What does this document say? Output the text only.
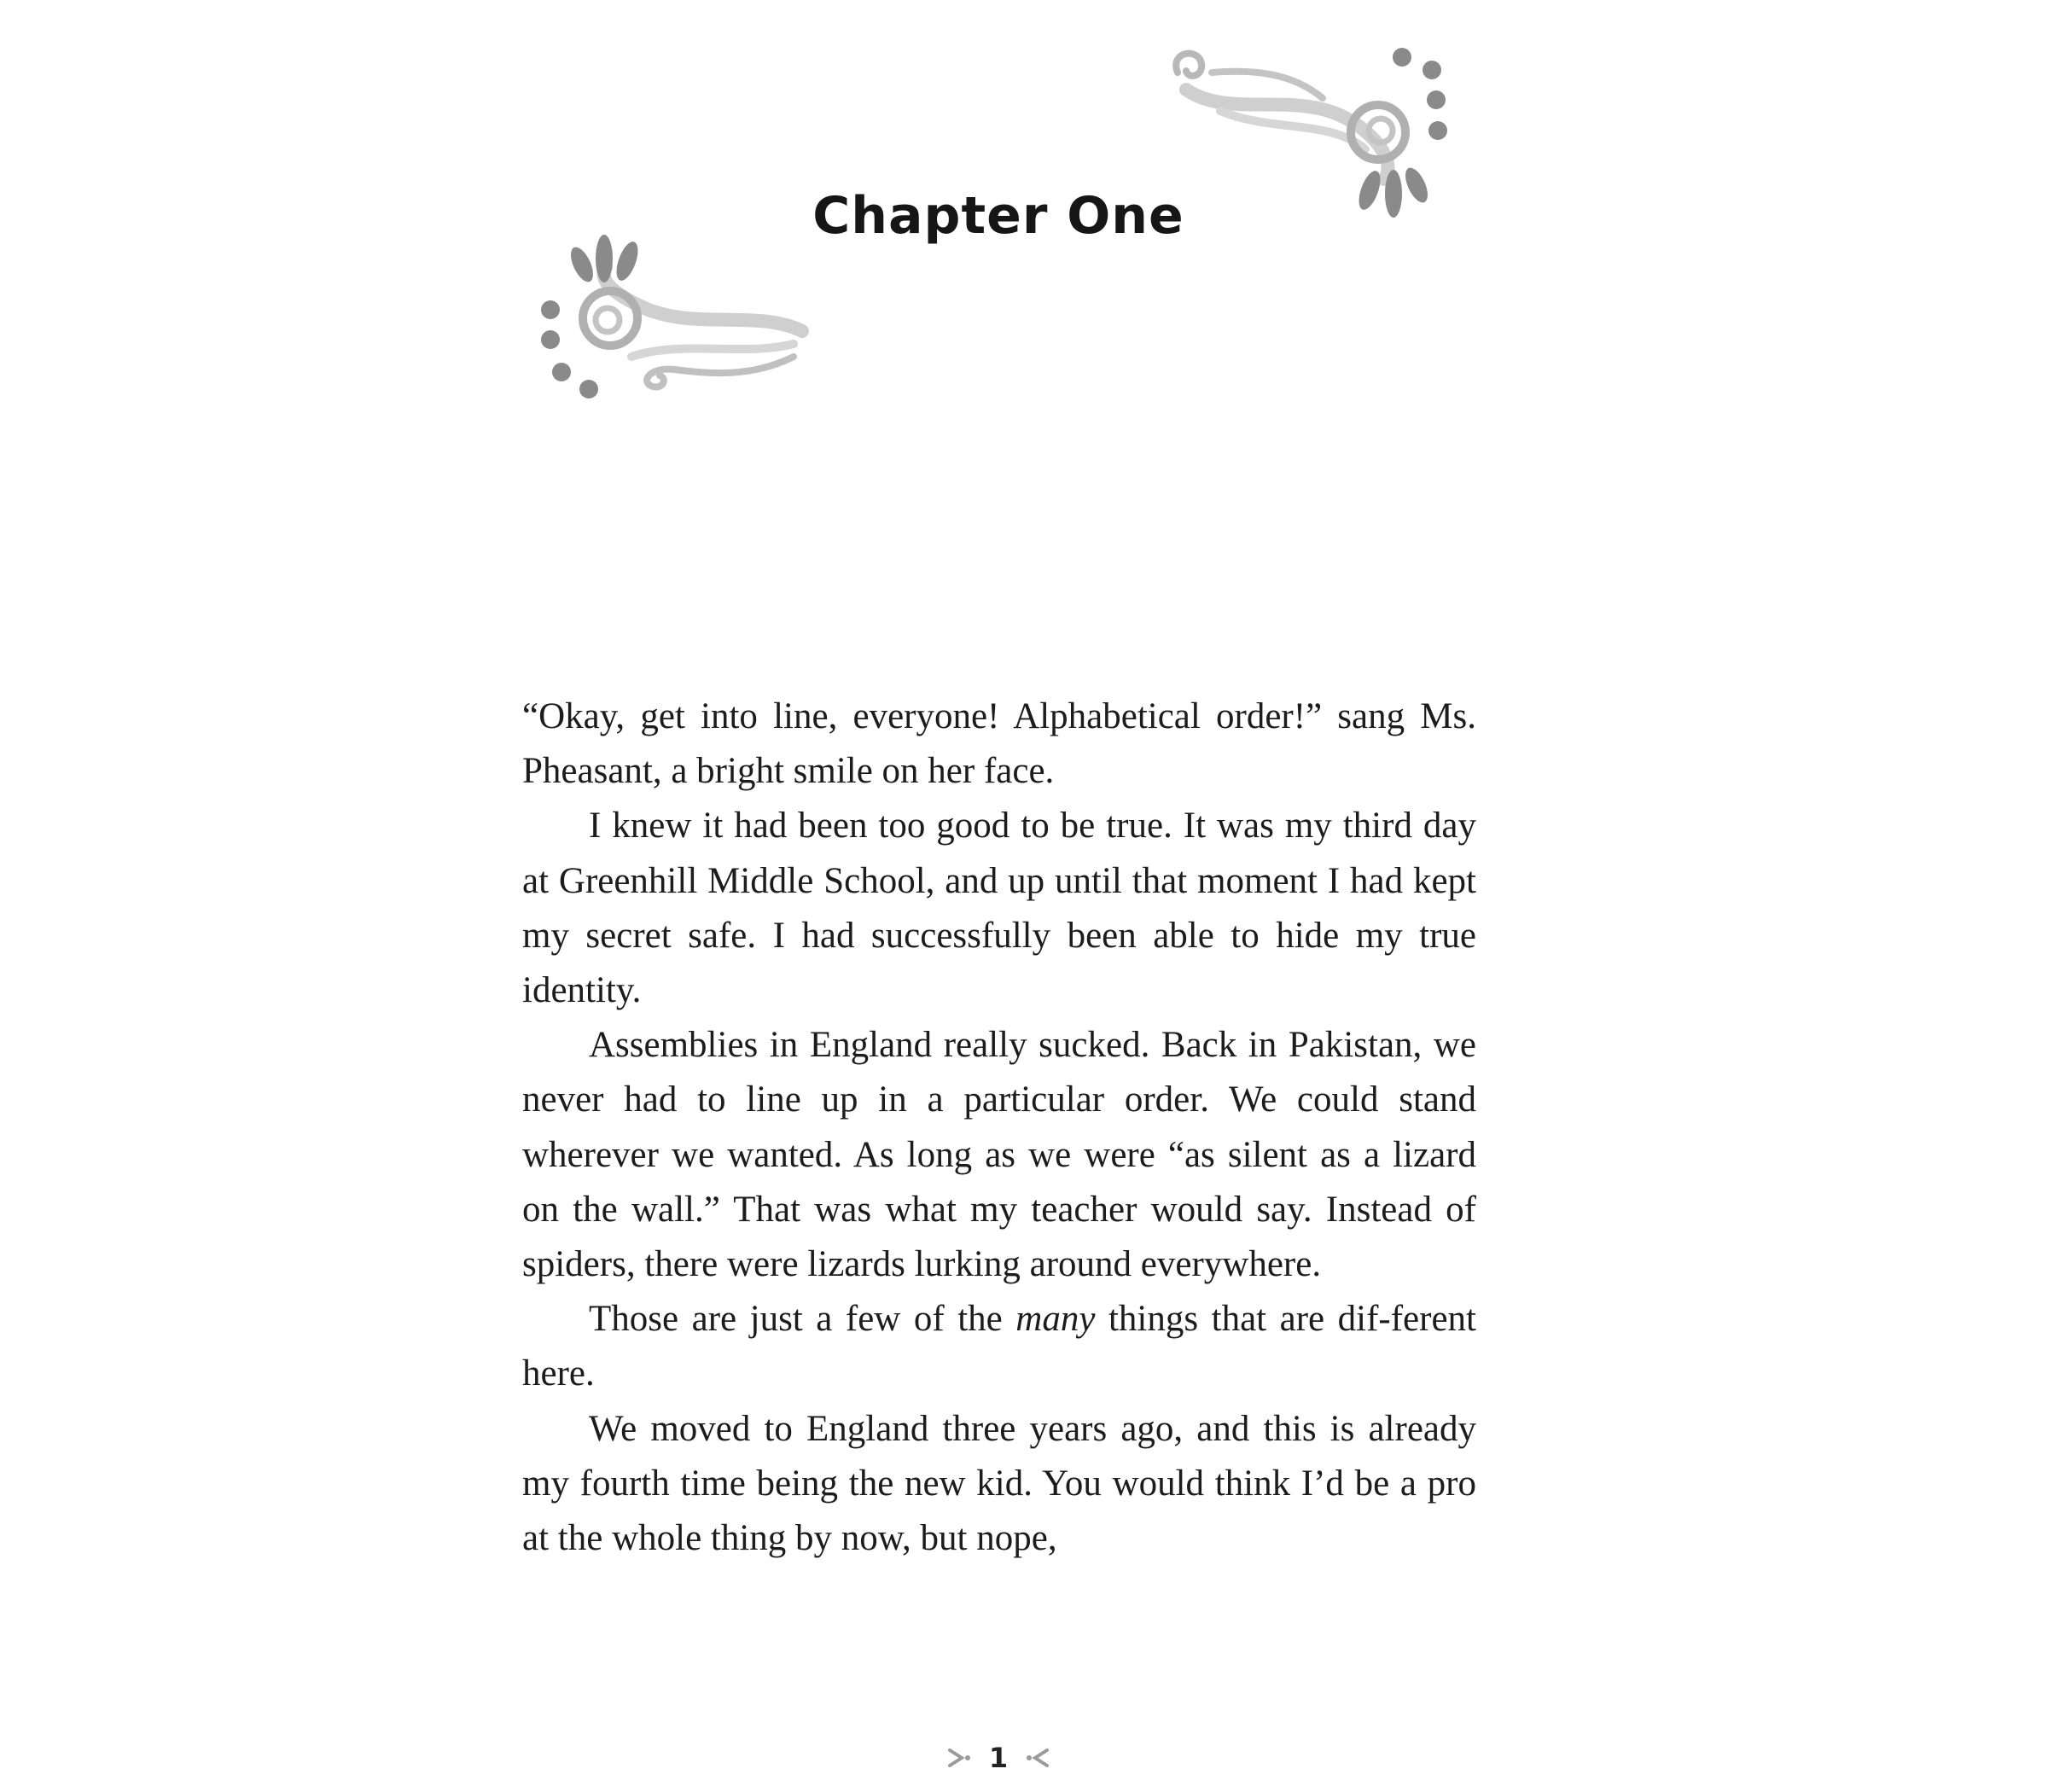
Chapter One

“Okay, get into line, everyone! Alphabetical order!” sang Ms. Pheasant, a bright smile on her face.

I knew it had been too good to be true. It was my third day at Greenhill Middle School, and up until that moment I had kept my secret safe. I had successfully been able to hide my true identity.

Assemblies in England really sucked. Back in Pakistan, we never had to line up in a particular order. We could stand wherever we wanted. As long as we were “as silent as a lizard on the wall.” That was what my teacher would say. Instead of spiders, there were lizards lurking around everywhere.

Those are just a few of the many things that are dif-ferent here.

We moved to England three years ago, and this is already my fourth time being the new kid. You would think I’d be a pro at the whole thing by now, but nope,

1
